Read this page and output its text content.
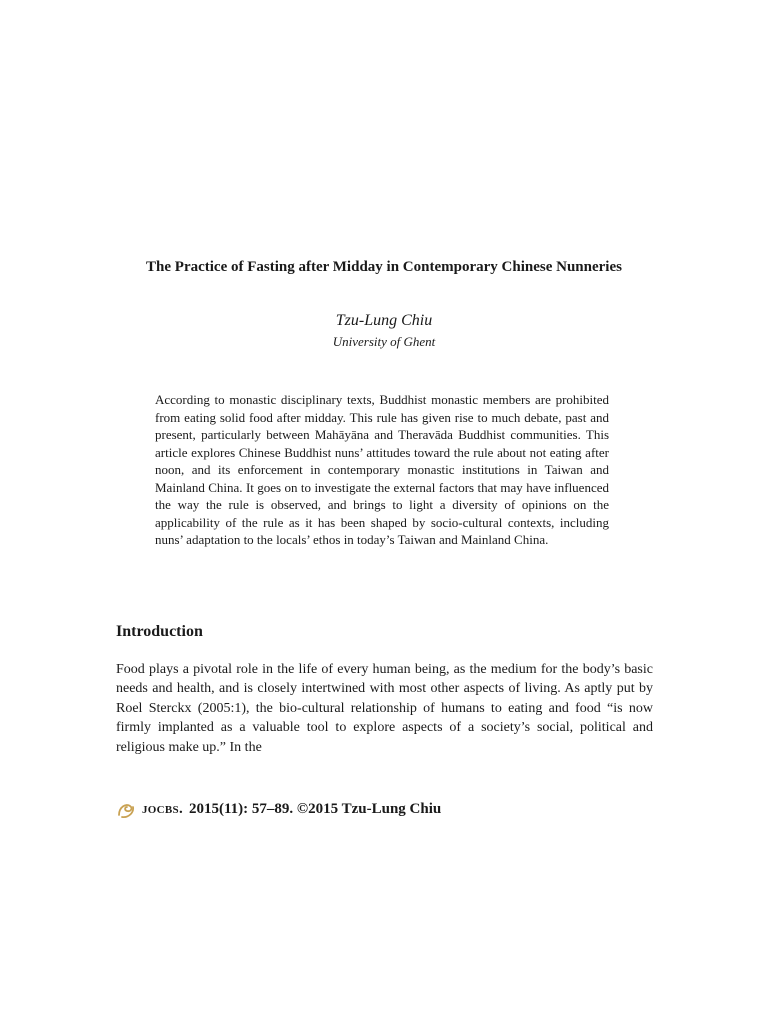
The Practice of Fasting after Midday in Contemporary Chinese Nunneries

Tzu-Lung Chiu

University of Ghent

According to monastic disciplinary texts, Buddhist monastic members are prohibited from eating solid food after midday. This rule has given rise to much debate, past and present, particularly between Mahāyāna and Theravāda Buddhist communities. This article explores Chinese Buddhist nuns’ attitudes toward the rule about not eating after noon, and its enforcement in contemporary monastic institutions in Taiwan and Mainland China. It goes on to investigate the external factors that may have influenced the way the rule is observed, and brings to light a diversity of opinions on the applicability of the rule as it has been shaped by socio-cultural contexts, including nuns’ adaptation to the locals’ ethos in today’s Taiwan and Mainland China.

Introduction

Food plays a pivotal role in the life of every human being, as the medium for the body’s basic needs and health, and is closely intertwined with most other aspects of living. As aptly put by Roel Sterckx (2005:1), the bio-cultural relationship of humans to eating and food “is now firmly implanted as a valuable tool to explore aspects of a society’s social, political and religious make up.” In the

jocbs. 2015(11): 57–89. ©2015 Tzu-Lung Chiu
